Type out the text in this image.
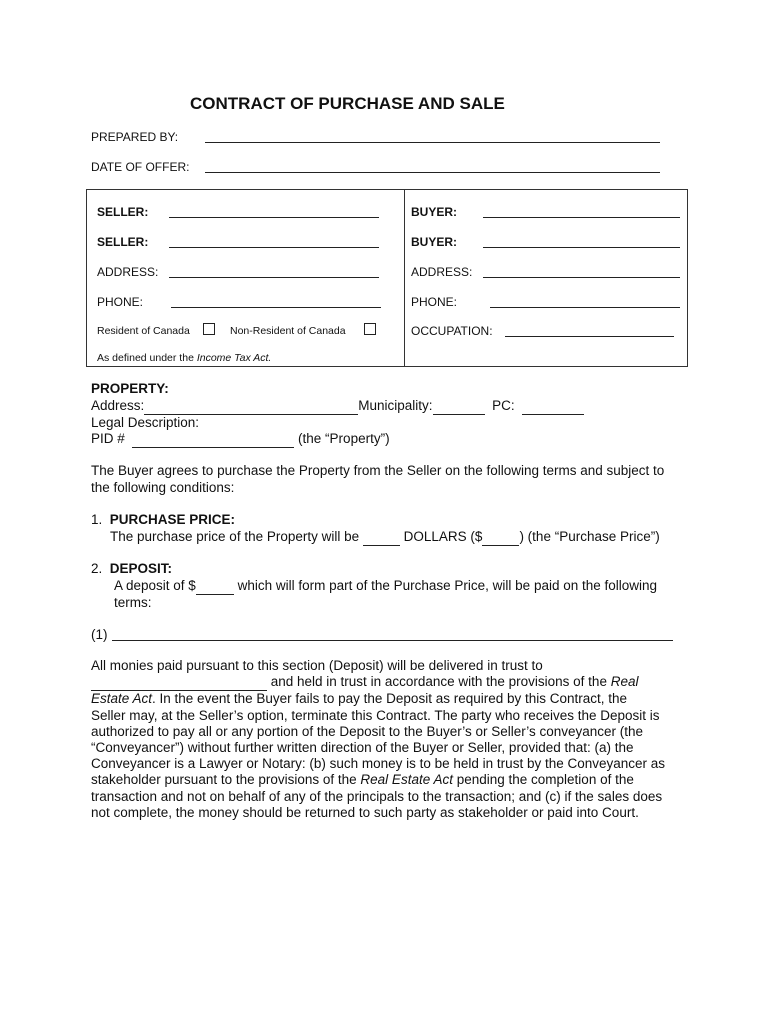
CONTRACT OF PURCHASE AND SALE
PREPARED BY:
DATE OF OFFER:
SELLER:	BUYER:
SELLER:	BUYER:
ADDRESS:	ADDRESS:
PHONE:	PHONE:
Resident of Canada	Non-Resident of Canada	OCCUPATION:
As defined under the Income Tax Act.
PROPERTY:
Address:	Municipality:	PC:
Legal Description:
PID #	(the “Property”)
The Buyer agrees to purchase the Property from the Seller on the following terms and subject to
the following conditions:
1. PURCHASE PRICE:
The purchase price of the Property will be	DOLLARS ($	) (the “Purchase Price”)
2. DEPOSIT:
A deposit of $	which will form part of the Purchase Price, will be paid on the following
terms:
(1)

All monies paid pursuant to this section (Deposit) will be delivered in trust to

and held in trust in accordance with the provisions of the Real

Estate Act. In the event the Buyer fails to pay the Deposit as required by this Contract, the

Seller may, at the Seller’s option, terminate this Contract. The party who receives the Deposit is

authorized to pay all or any portion of the Deposit to the Buyer’s or Seller’s conveyancer (the

“Conveyancer”) without further written direction of the Buyer or Seller, provided that: (a) the

Conveyancer is a Lawyer or Notary: (b) such money is to be held in trust by the Conveyancer as

stakeholder pursuant to the provisions of the Real Estate Act pending the completion of the

transaction and not on behalf of any of the principals to the transaction; and (c) if the sales does

not complete, the money should be returned to such party as stakeholder or paid into Court.
